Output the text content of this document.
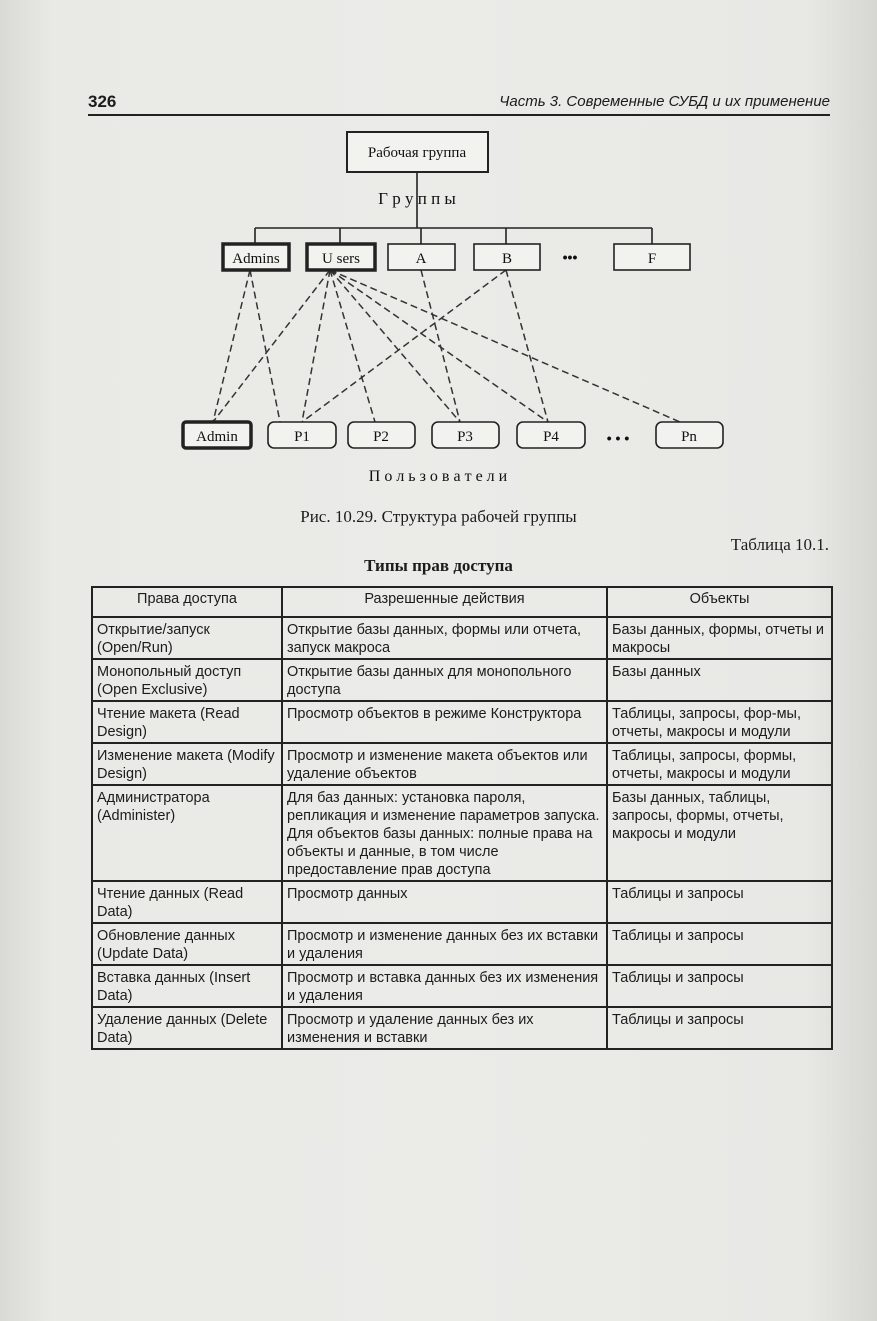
326	Часть 3. Современные СУБД и их применение
Рабочая группа
Г р у п п ы
Admins	U sers	A	B	•••	F
Admin	P1	P2	P3	P4	• • •	Pn
П о л ь з о в а т е л и
Рис. 10.29. Структура рабочей группы
Таблица 10.1.
Типы прав доступа
Права доступа	Разрешенные действия	Объекты
Открытие/запуск (Open/Run)	Открытие базы данных, формы или отчета, запуск макроса	Базы данных, формы, отчеты и макросы
Монопольный доступ (Open Exclusive)	Открытие базы данных для монопольного доступа	Базы данных
Чтение макета (Read Design)	Просмотр объектов в режиме Конструктора	Таблицы, запросы, фор-мы, отчеты, макросы и модули
Изменение макета (Modify Design)	Просмотр и изменение макета объектов или удаление объектов	Таблицы, запросы, формы, отчеты, макросы и модули
Администратора (Administer)	Для баз данных: установка пароля, репликация и изменение параметров запуска. Для объектов базы данных: полные права на объекты и данные, в том числе предоставление прав доступа	Базы данных, таблицы, запросы, формы, отчеты, макросы и модули
Чтение данных (Read Data)	Просмотр данных	Таблицы и запросы
Обновление данных (Update Data)	Просмотр и изменение данных без их вставки и удаления	Таблицы и запросы
Вставка данных (Insert Data)	Просмотр и вставка данных без их изменения и удаления	Таблицы и запросы
Удаление данных (Delete Data)	Просмотр и удаление данных без их изменения и вставки	Таблицы и запросы
